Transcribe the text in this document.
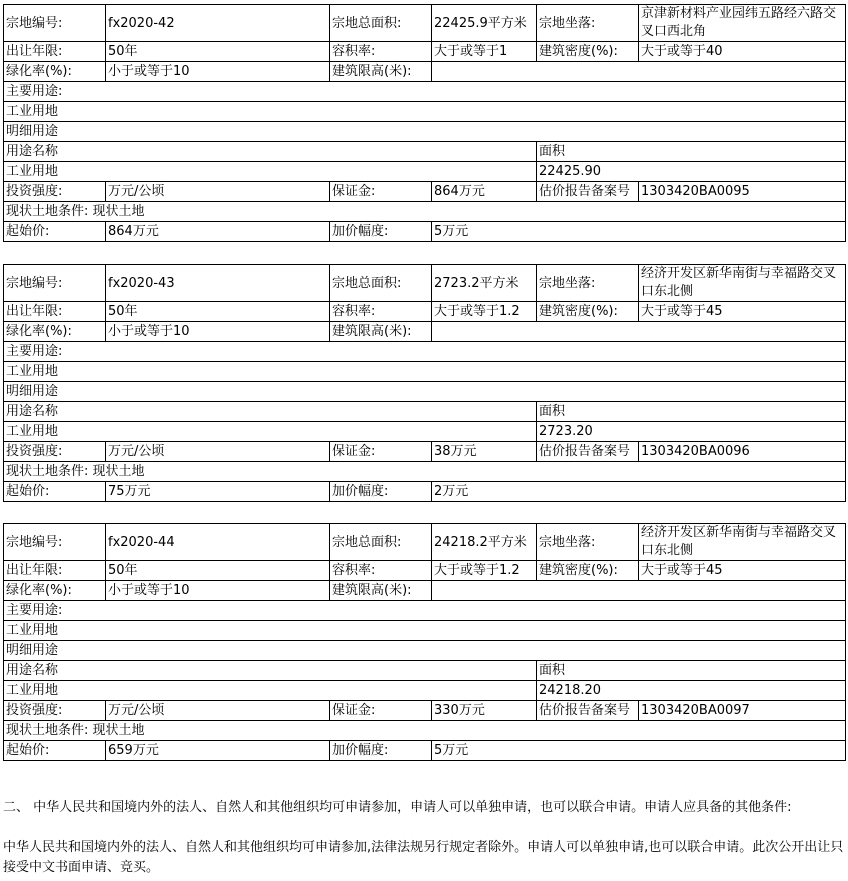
宗地编号:	fx2020-42	宗地总面积:	22425.9平方米	宗地坐落:	京津新材料产业园纬五路经六路交叉口西北角
出让年限:	50年	容积率:	大于或等于1	建筑密度(%):	大于或等于40
绿化率(%):	小于或等于10	建筑限高(米):			
主要用途:					
工业用地					
明细用途					
用途名称				面积	
工业用地				22425.90	
投资强度:	万元/公顷	保证金:	864万元	估价报告备案号	1303420BA0095
现状土地条件: 现状土地					
起始价:	864万元	加价幅度:	5万元		
宗地编号:	fx2020-43	宗地总面积:	2723.2平方米	宗地坐落:	经济开发区新华南街与幸福路交叉口东北侧
出让年限:	50年	容积率:	大于或等于1.2	建筑密度(%):	大于或等于45
绿化率(%):	小于或等于10	建筑限高(米):			
主要用途:					
工业用地					
明细用途					
用途名称				面积	
工业用地				2723.20	
投资强度:	万元/公顷	保证金:	38万元	估价报告备案号	1303420BA0096
现状土地条件: 现状土地					
起始价:	75万元	加价幅度:	2万元		
宗地编号:	fx2020-44	宗地总面积:	24218.2平方米	宗地坐落:	经济开发区新华南街与幸福路交叉口东北侧
出让年限:	50年	容积率:	大于或等于1.2	建筑密度(%):	大于或等于45
绿化率(%):	小于或等于10	建筑限高(米):			
主要用途:					
工业用地					
明细用途					
用途名称				面积	
工业用地				24218.20	
投资强度:	万元/公顷	保证金:	330万元	估价报告备案号	1303420BA0097
现状土地条件: 现状土地					
起始价:	659万元	加价幅度:	5万元		

二、 中华人民共和国境内外的法人、自然人和其他组织均可申请参加，申请人可以单独申请，也可以联合申请。申请人应具备的其他条件:

中华人民共和国境内外的法人、自然人和其他组织均可申请参加,法律法规另行规定者除外。申请人可以单独申请,也可以联合申请。此次公开出让只接受中文书面申请、竞买。
